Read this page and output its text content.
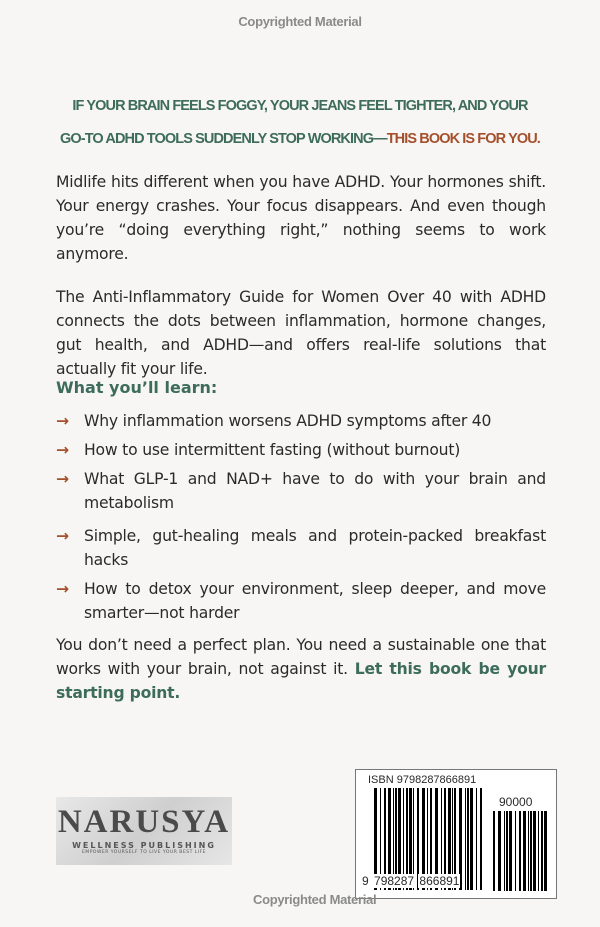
Copyrighted Material
IF YOUR BRAIN FEELS FOGGY, YOUR JEANS FEEL TIGHTER, AND YOUR
GO-TO ADHD TOOLS SUDDENLY STOP WORKING—THIS BOOK IS FOR YOU.
Midlife hits different when you have ADHD. Your hormones shift. Your energy crashes. Your focus disappears. And even though you’re “doing everything right,” nothing seems to work anymore.
The Anti-Inflammatory Guide for Women Over 40 with ADHD connects the dots between inflammation, hormone changes, gut health, and ADHD—and offers real-life solutions that actually fit your life.
What you’ll learn:
→ Why inflammation worsens ADHD symptoms after 40
→ How to use intermittent fasting (without burnout)
→ What GLP-1 and NAD+ have to do with your brain and metabolism
→ Simple, gut-healing meals and protein-packed breakfast hacks
→ How to detox your environment, sleep deeper, and move smarter—not harder
You don’t need a perfect plan. You need a sustainable one that works with your brain, not against it. Let this book be your starting point.
NARUSYA
WELLNESS PUBLISHING
EMPOWER YOURSELF TO LIVE YOUR BEST LIFE
ISBN 9798287866891
90000
9 798287 866891
Copyrighted Material
